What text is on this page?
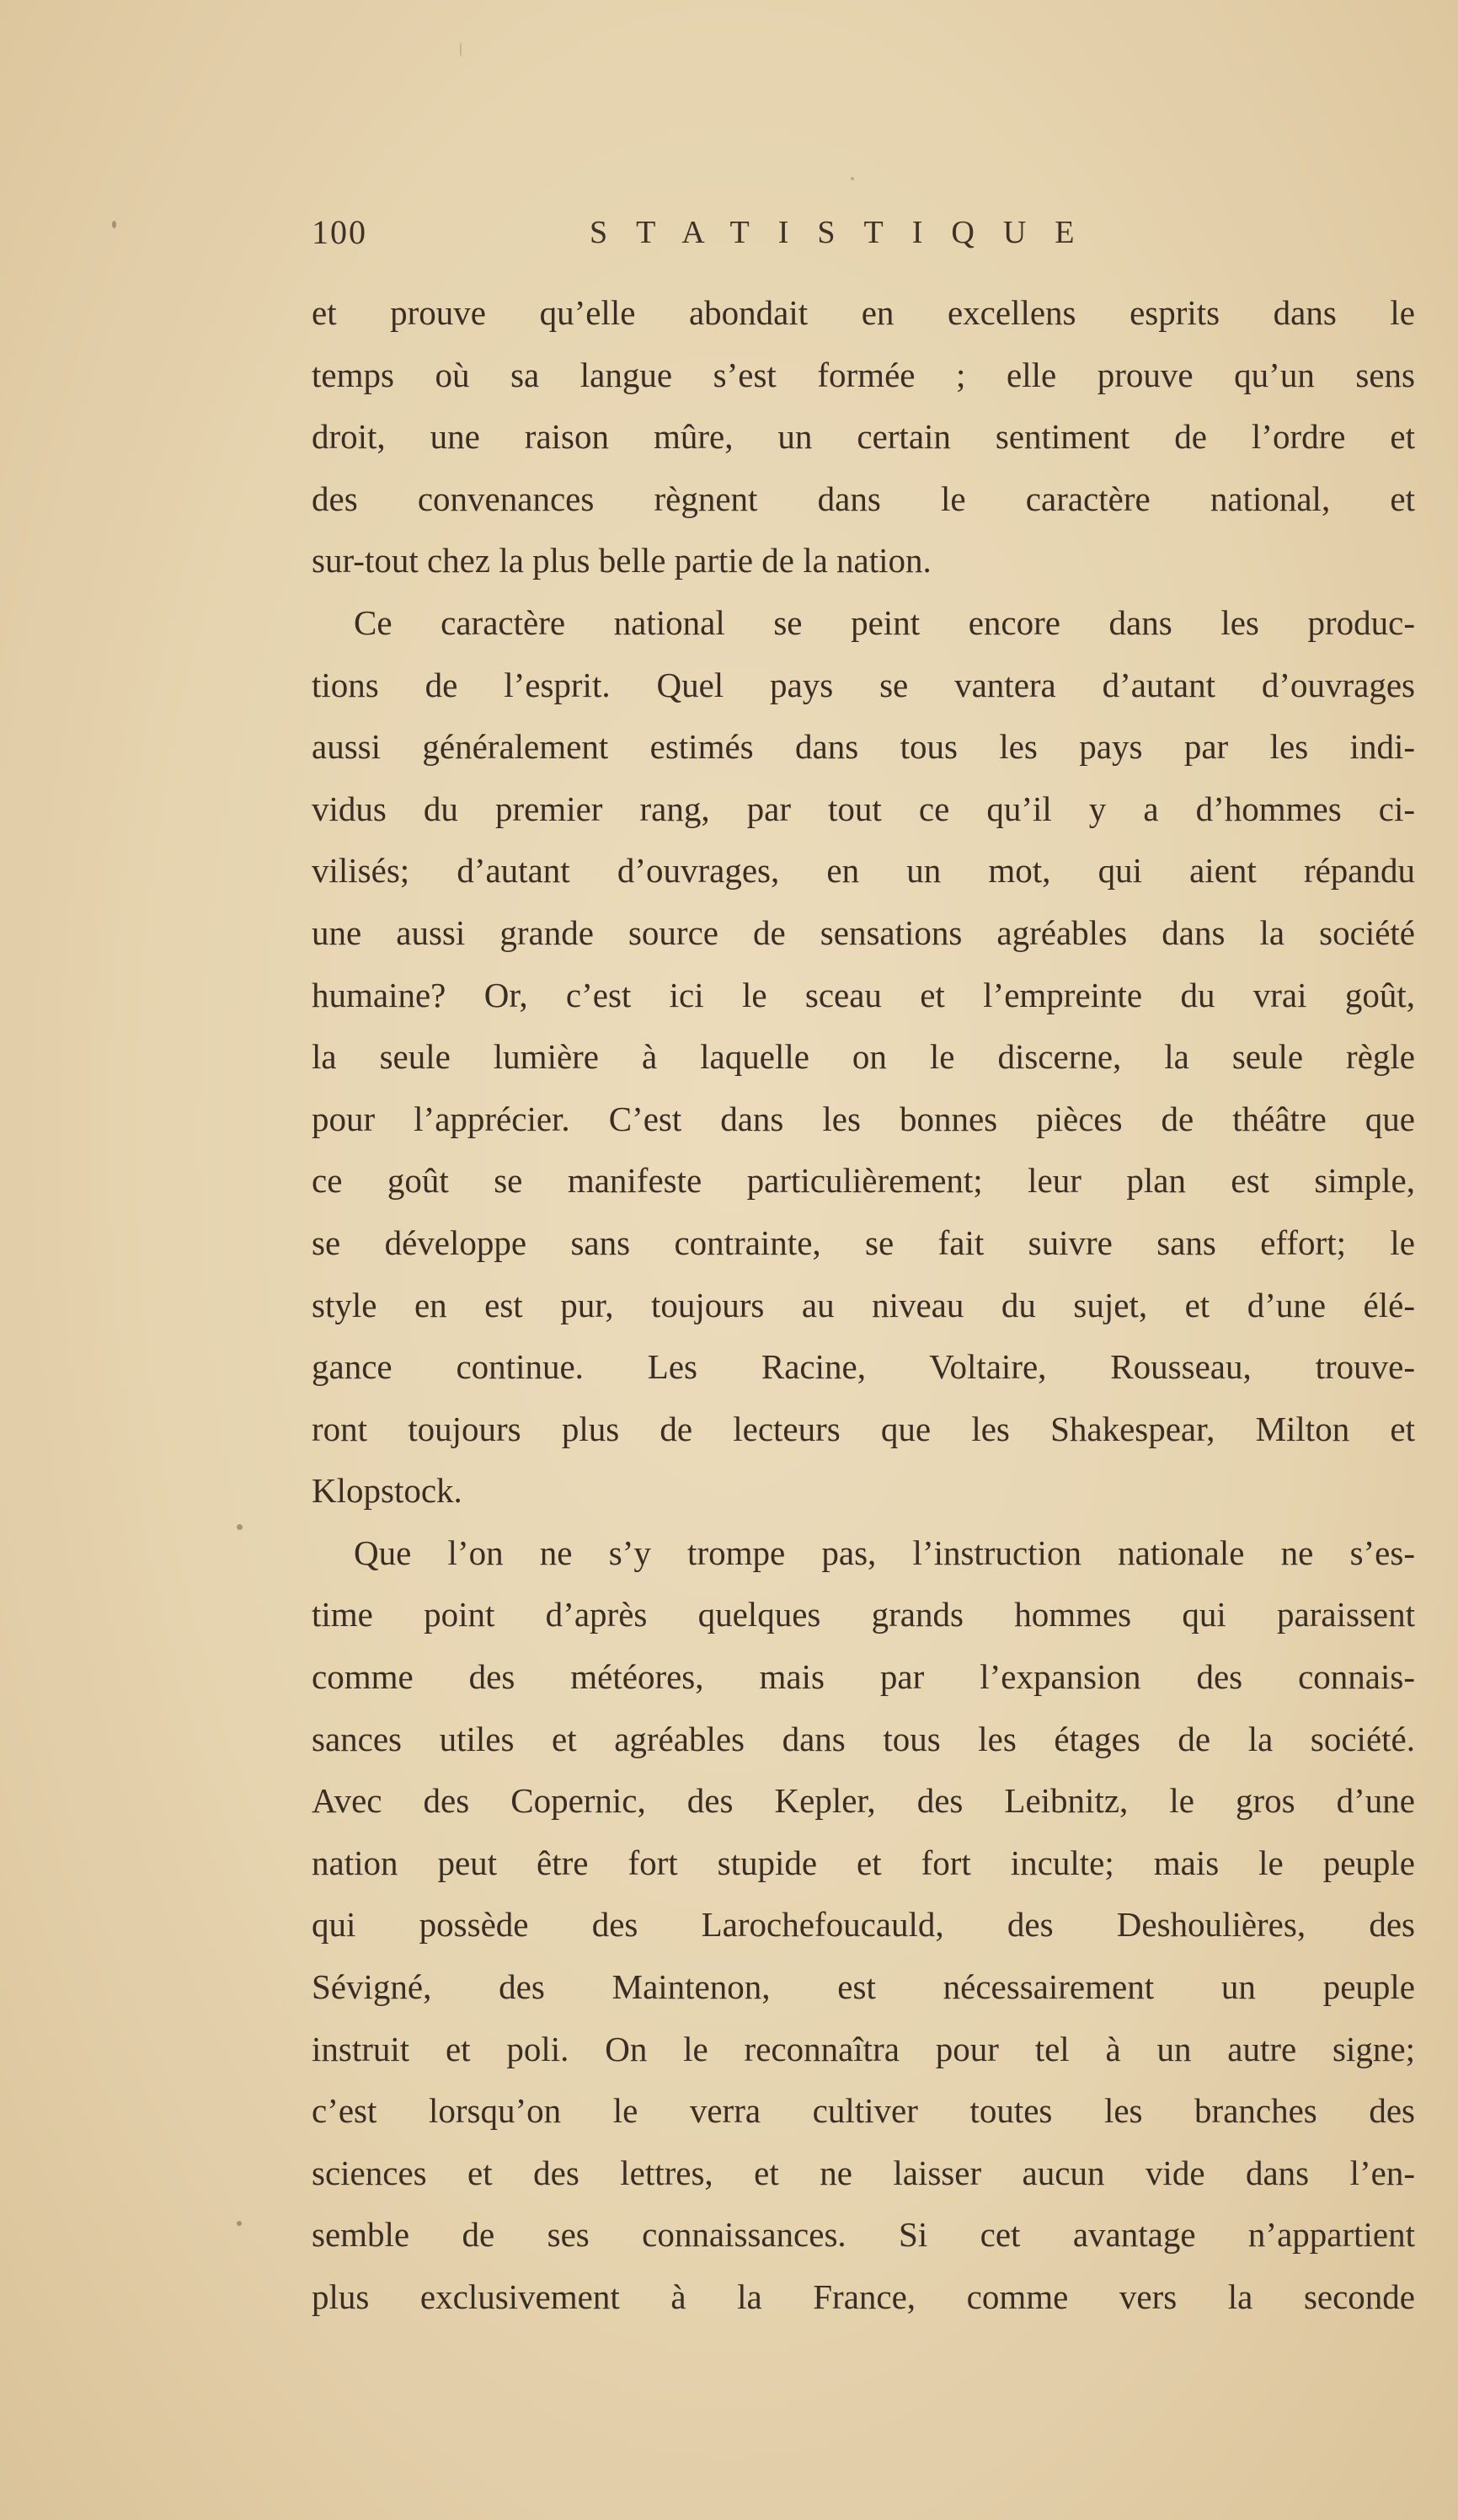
100	STATISTIQUE
et prouve qu’elle abondait en excellens esprits dans le
temps où sa langue s’est formée ; elle prouve qu’un sens
droit, une raison mûre, un certain sentiment de l’ordre et
des convenances règnent dans le caractère national, et
sur-tout chez la plus belle partie de la nation.
Ce caractère national se peint encore dans les produc-
tions de l’esprit. Quel pays se vantera d’autant d’ouvrages
aussi généralement estimés dans tous les pays par les indi-
vidus du premier rang, par tout ce qu’il y a d’hommes ci-
vilisés; d’autant d’ouvrages, en un mot, qui aient répandu
une aussi grande source de sensations agréables dans la société
humaine? Or, c’est ici le sceau et l’empreinte du vrai goût,
la seule lumière à laquelle on le discerne, la seule règle
pour l’apprécier. C’est dans les bonnes pièces de théâtre que
ce goût se manifeste particulièrement; leur plan est simple,
se développe sans contrainte, se fait suivre sans effort; le
style en est pur, toujours au niveau du sujet, et d’une élé-
gance continue. Les Racine, Voltaire, Rousseau, trouve-
ront toujours plus de lecteurs que les Shakespear, Milton et
Klopstock.
Que l’on ne s’y trompe pas, l’instruction nationale ne s’es-
time point d’après quelques grands hommes qui paraissent
comme des météores, mais par l’expansion des connais-
sances utiles et agréables dans tous les étages de la société.
Avec des Copernic, des Kepler, des Leibnitz, le gros d’une
nation peut être fort stupide et fort inculte; mais le peuple
qui possède des Larochefoucauld, des Deshoulières, des
Sévigné, des Maintenon, est nécessairement un peuple
instruit et poli. On le reconnaîtra pour tel à un autre signe;
c’est lorsqu’on le verra cultiver toutes les branches des
sciences et des lettres, et ne laisser aucun vide dans l’en-
semble de ses connaissances. Si cet avantage n’appartient
plus exclusivement à la France, comme vers la seconde
